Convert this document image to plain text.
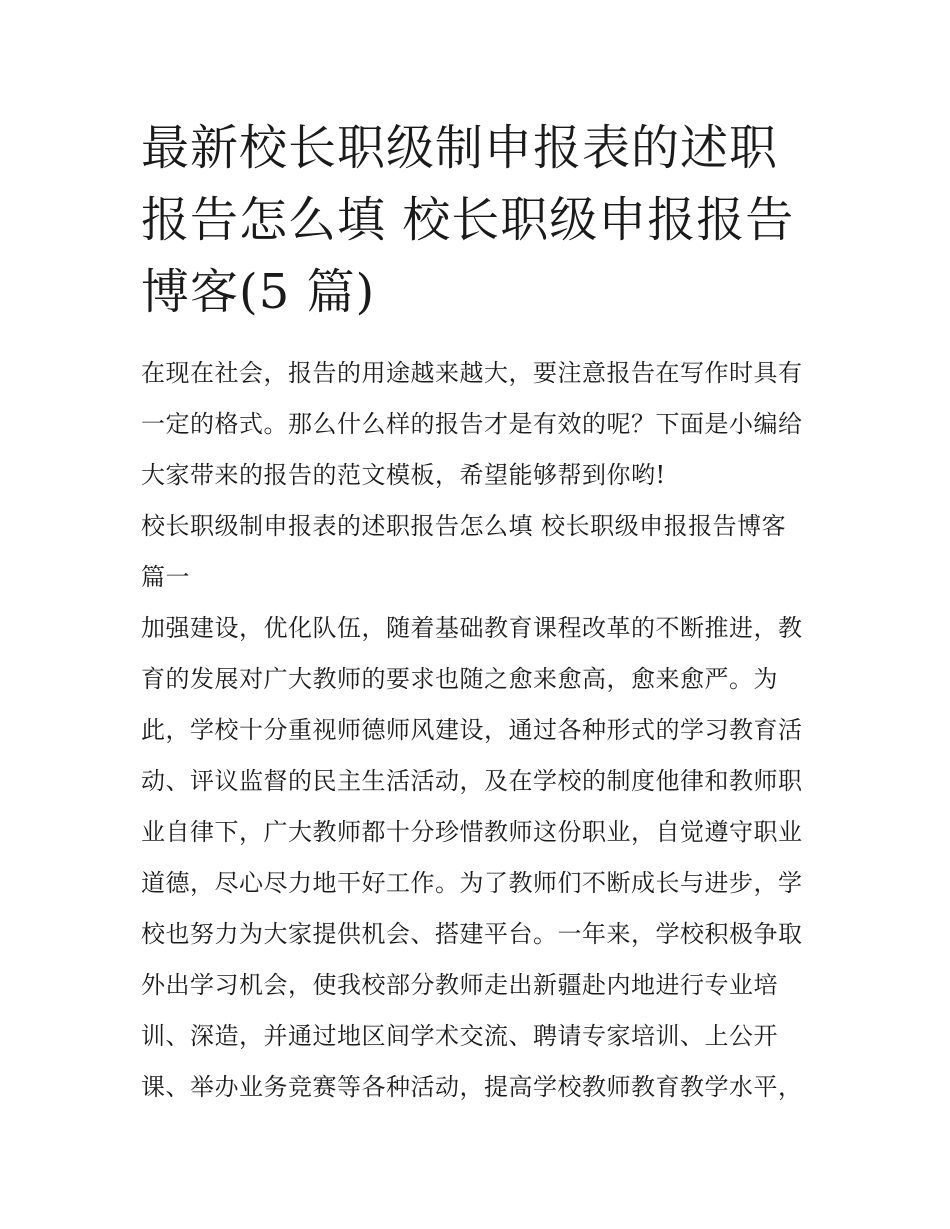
最新校长职级制申报表的述职
报告怎么填 校长职级申报报告
博客(5 篇)
在现在社会，报告的用途越来越大，要注意报告在写作时具有
一定的格式。那么什么样的报告才是有效的呢？下面是小编给
大家带来的报告的范文模板，希望能够帮到你哟!
校长职级制申报表的述职报告怎么填 校长职级申报报告博客
篇一
加强建设，优化队伍，随着基础教育课程改革的不断推进，教
育的发展对广大教师的要求也随之愈来愈高，愈来愈严。为
此，学校十分重视师德师风建设，通过各种形式的学习教育活
动、评议监督的民主生活活动，及在学校的制度他律和教师职
业自律下，广大教师都十分珍惜教师这份职业，自觉遵守职业
道德，尽心尽力地干好工作。为了教师们不断成长与进步，学
校也努力为大家提供机会、搭建平台。一年来，学校积极争取
外出学习机会，使我校部分教师走出新疆赴内地进行专业培
训、深造，并通过地区间学术交流、聘请专家培训、上公开
课、举办业务竞赛等各种活动，提高学校教师教育教学水平，
